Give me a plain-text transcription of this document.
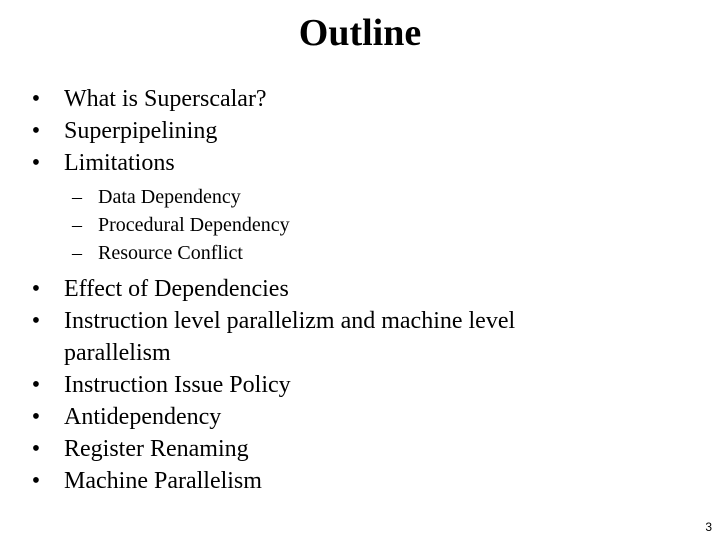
Outline
• What is Superscalar?
• Superpipelining
• Limitations
– Data Dependency
– Procedural Dependency
– Resource Conflict
• Effect of Dependencies
• Instruction level parallelizm and machine level parallelism
• Instruction Issue Policy
• Antidependency
• Register Renaming
• Machine Parallelism
3
